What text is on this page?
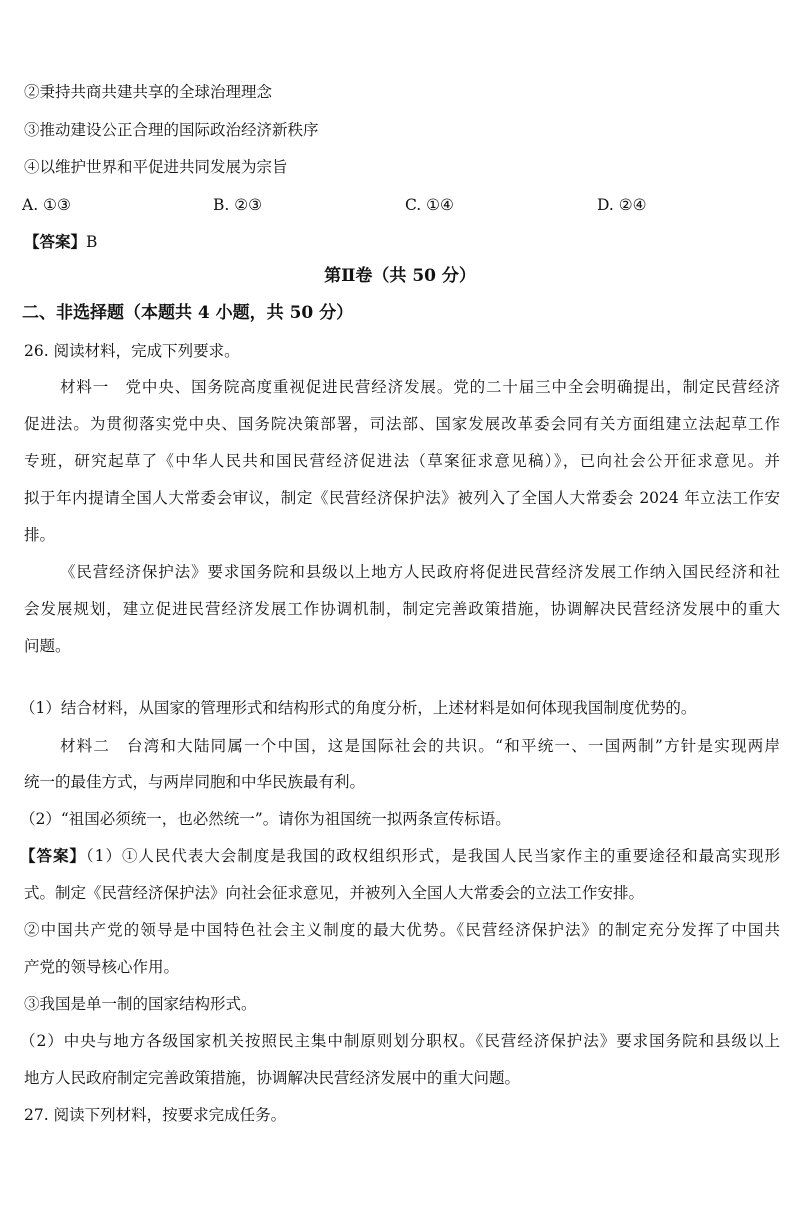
②秉持共商共建共享的全球治理理念
③推动建设公正合理的国际政治经济新秩序
④以维护世界和平促进共同发展为宗旨
A. ①③	B. ②③	C. ①④	D. ②④
【答案】B
第Ⅱ卷（共 50 分）
二、非选择题（本题共 4 小题，共 50 分）
26. 阅读材料，完成下列要求。
材料一　党中央、国务院高度重视促进民营经济发展。党的二十届三中全会明确提出，制定民营经济
促进法。为贯彻落实党中央、国务院决策部署，司法部、国家发展改革委会同有关方面组建立法起草工作
专班，研究起草了《中华人民共和国民营经济促进法（草案征求意见稿）》，已向社会公开征求意见。并
拟于年内提请全国人大常委会审议，制定《民营经济保护法》被列入了全国人大常委会 2024 年立法工作安
排。
《民营经济保护法》要求国务院和县级以上地方人民政府将促进民营经济发展工作纳入国民经济和社
会发展规划，建立促进民营经济发展工作协调机制，制定完善政策措施，协调解决民营经济发展中的重大
问题。
（1）结合材料，从国家的管理形式和结构形式的角度分析，上述材料是如何体现我国制度优势的。
材料二　台湾和大陆同属一个中国，这是国际社会的共识。“和平统一、一国两制”方针是实现两岸
统一的最佳方式，与两岸同胞和中华民族最有利。
（2）“祖国必须统一，也必然统一”。请你为祖国统一拟两条宣传标语。
【答案】（1）①人民代表大会制度是我国的政权组织形式，是我国人民当家作主的重要途径和最高实现形
式。制定《民营经济保护法》向社会征求意见，并被列入全国人大常委会的立法工作安排。
②中国共产党的领导是中国特色社会主义制度的最大优势。《民营经济保护法》的制定充分发挥了中国共
产党的领导核心作用。
③我国是单一制的国家结构形式。
（2）中央与地方各级国家机关按照民主集中制原则划分职权。《民营经济保护法》要求国务院和县级以上
地方人民政府制定完善政策措施，协调解决民营经济发展中的重大问题。
27. 阅读下列材料，按要求完成任务。
